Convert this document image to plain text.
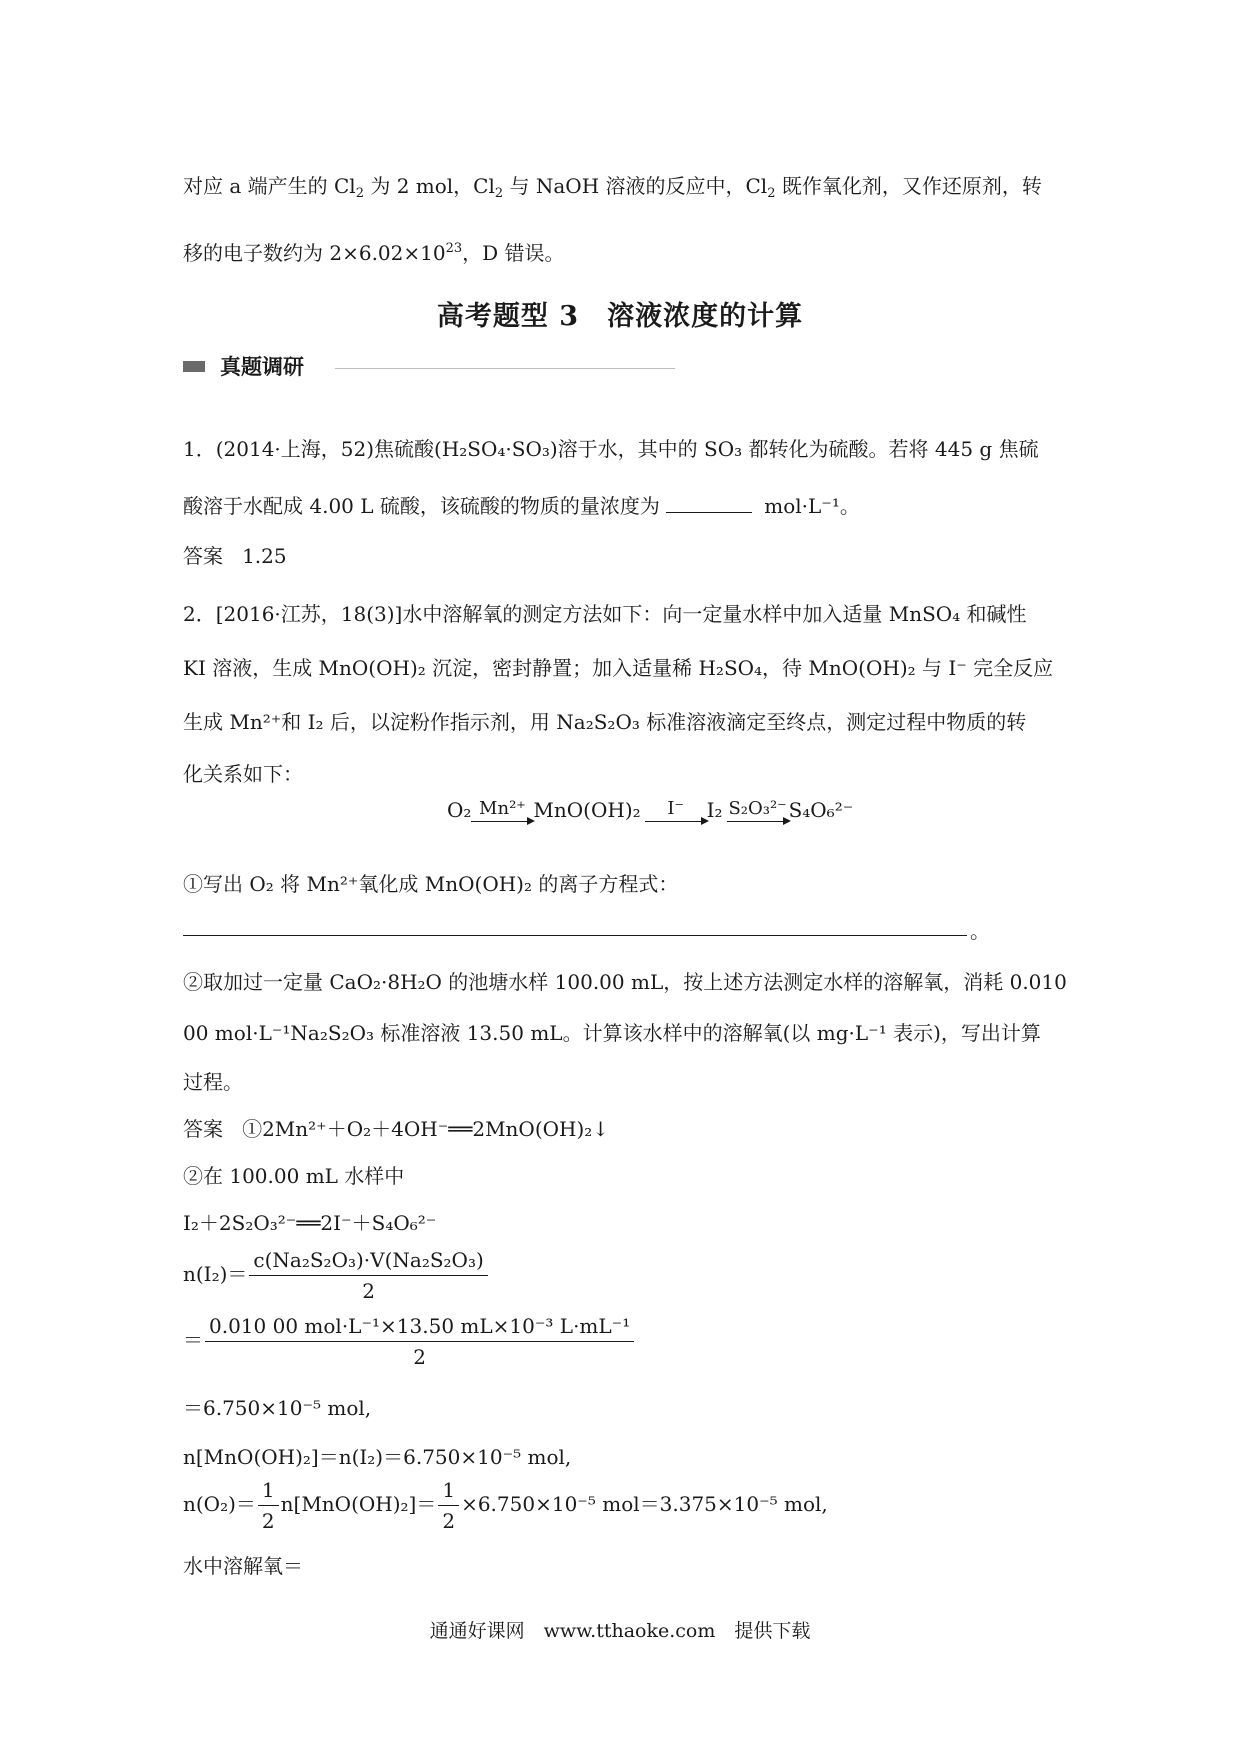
对应 a 端产生的 $Cl_2$ 为 2 mol，$Cl_2$ 与 NaOH 溶液的反应中，$Cl_2$ 既作氧化剂，又作还原剂，转
移的电子数约为 $2\times 6.02\times 10^{23}$，D 错误。
高考题型 3　溶液浓度的计算
真题调研
1．(2014·上海，52)焦硫酸(H₂SO₄·SO₃)溶于水，其中的 SO₃ 都转化为硫酸。若将 445 g 焦硫
酸溶于水配成 4.00 L 硫酸，该硫酸的物质的量浓度为	mol·L⁻¹。
答案 1.25
2．[2016·江苏，18(3)]水中溶解氧的测定方法如下：向一定量水样中加入适量 MnSO₄ 和碱性
KI 溶液，生成 MnO(OH)₂ 沉淀，密封静置；加入适量稀 H₂SO₄，待 MnO(OH)₂ 与 I⁻ 完全反应
生成 Mn²⁺和 I₂ 后，以淀粉作指示剂，用 Na₂S₂O₃ 标准溶液滴定至终点，测定过程中物质的转
化关系如下：
O₂ Mn²⁺ MnO(OH)₂	I⁻	I₂ S₂O₃²⁻ S₄O₆²⁻
①写出 O₂ 将 Mn²⁺氧化成 MnO(OH)₂ 的离子方程式：
。
②取加过一定量 CaO₂·8H₂O 的池塘水样 100.00 mL，按上述方法测定水样的溶解氧，消耗 0.010
00 mol·L⁻¹Na₂S₂O₃ 标准溶液 13.50 mL。计算该水样中的溶解氧(以 mg·L⁻¹ 表示)，写出计算
过程。
答案 ①2Mn²⁺＋O₂＋4OH⁻══2MnO(OH)₂↓
②在 100.00 mL 水样中
I₂＋2S₂O₃²⁻══2I⁻＋S₄O₆²⁻
$n(I_2)= \frac{\text{c(Na₂S₂O₃)·V(Na₂S₂O₃)}}{2}$
＝ $\frac{\text{0.010 00 mol·L⁻¹×13.50 mL×10⁻³ L·mL⁻¹}}{2}$
＝6.750×10⁻⁵ mol,
n[MnO(OH)₂]＝n(I₂)＝6.750×10⁻⁵ mol,
$n(O_2)= \frac{1}{2} n[MnO(OH)_2]= \frac{1}{2} \times 6.750\times 10^{-5}$ mol＝3.375×10⁻⁵ mol,
水中溶解氧＝
通通好课网　www.tthaoke.com　提供下载
